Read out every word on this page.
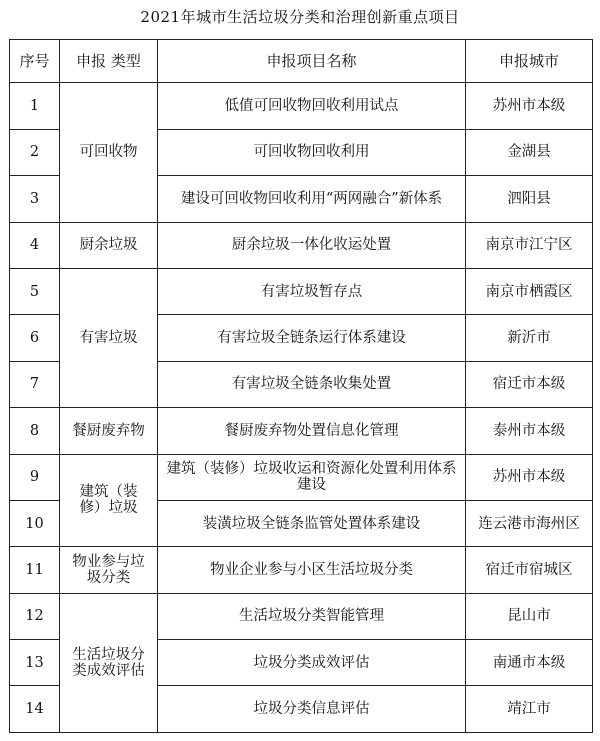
2021年城市生活垃圾分类和治理创新重点项目
序号	申报 类型	申报项目名称	申报城市
1	可回收物	低值可回收物回收利用试点	苏州市本级
2		可回收物回收利用	金湖县
3		建设可回收物回收利用“两网融合”新体系	泗阳县
4	厨余垃圾	厨余垃圾一体化收运处置	南京市江宁区
5	有害垃圾	有害垃圾暂存点	南京市栖霞区
6		有害垃圾全链条运行体系建设	新沂市
7		有害垃圾全链条收集处置	宿迁市本级
8	餐厨废弃物	餐厨废弃物处置信息化管理	泰州市本级
9	建筑（装修）垃圾	建筑（装修）垃圾收运和资源化处置利用体系建设	苏州市本级
10		装潢垃圾全链条监管处置体系建设	连云港市海州区
11	物业参与垃圾分类	物业企业参与小区生活垃圾分类	宿迁市宿城区
12	生活垃圾分类成效评估	生活垃圾分类智能管理	昆山市
13		垃圾分类成效评估	南通市本级
14		垃圾分类信息评估	靖江市
